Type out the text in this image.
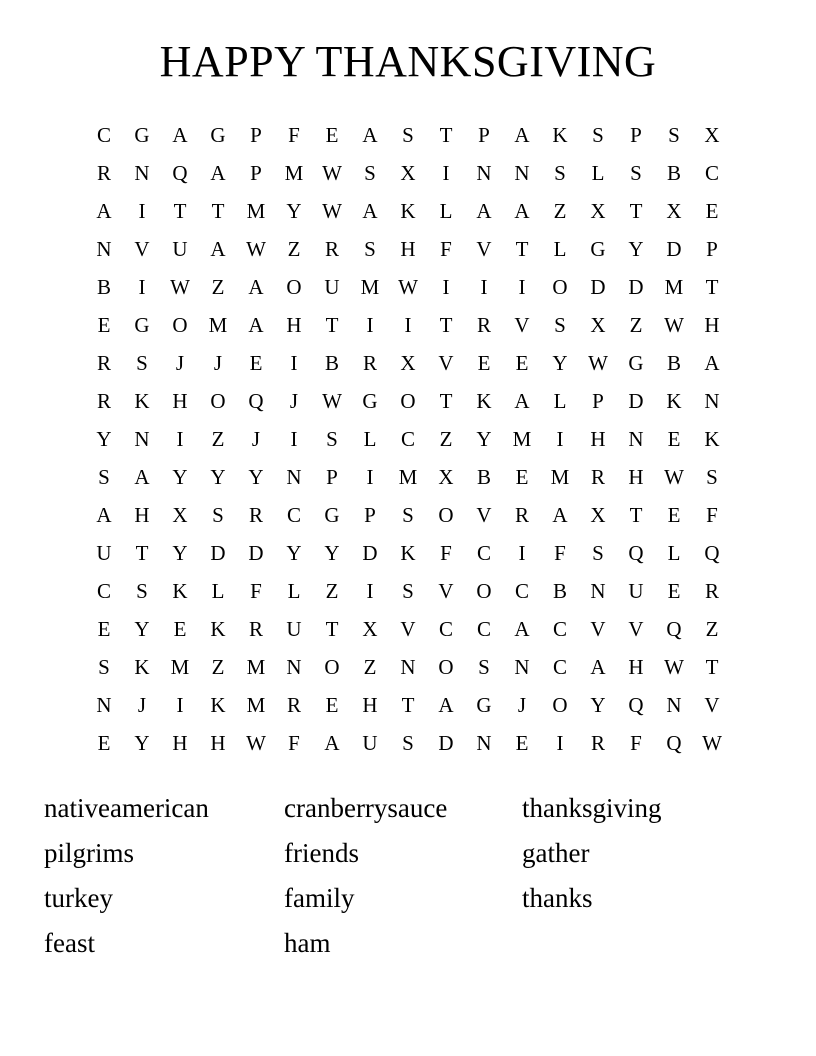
HAPPY THANKSGIVING
C	G	A	G	P	F	E	A	S	T	P	A	K	S	P	S	X
R	N	Q	A	P	M	W	S	X	I	N	N	S	L	S	B	C
A	I	T	T	M	Y	W	A	K	L	A	A	Z	X	T	X	E
N	V	U	A	W	Z	R	S	H	F	V	T	L	G	Y	D	P
B	I	W	Z	A	O	U	M	W	I	I	I	O	D	D	M	T
E	G	O	M	A	H	T	I	I	T	R	V	S	X	Z	W	H
R	S	J	J	E	I	B	R	X	V	E	E	Y	W	G	B	A
R	K	H	O	Q	J	W	G	O	T	K	A	L	P	D	K	N
Y	N	I	Z	J	I	S	L	C	Z	Y	M	I	H	N	E	K
S	A	Y	Y	Y	N	P	I	M	X	B	E	M	R	H	W	S
A	H	X	S	R	C	G	P	S	O	V	R	A	X	T	E	F
U	T	Y	D	D	Y	Y	D	K	F	C	I	F	S	Q	L	Q
C	S	K	L	F	L	Z	I	S	V	O	C	B	N	U	E	R
E	Y	E	K	R	U	T	X	V	C	C	A	C	V	V	Q	Z
S	K	M	Z	M	N	O	Z	N	O	S	N	C	A	H	W	T
N	J	I	K	M	R	E	H	T	A	G	J	O	Y	Q	N	V
E	Y	H	H	W	F	A	U	S	D	N	E	I	R	F	Q	W
nativeamerican
pilgrims
turkey
feast
cranberrysauce
friends
family
ham
thanksgiving
gather
thanks
